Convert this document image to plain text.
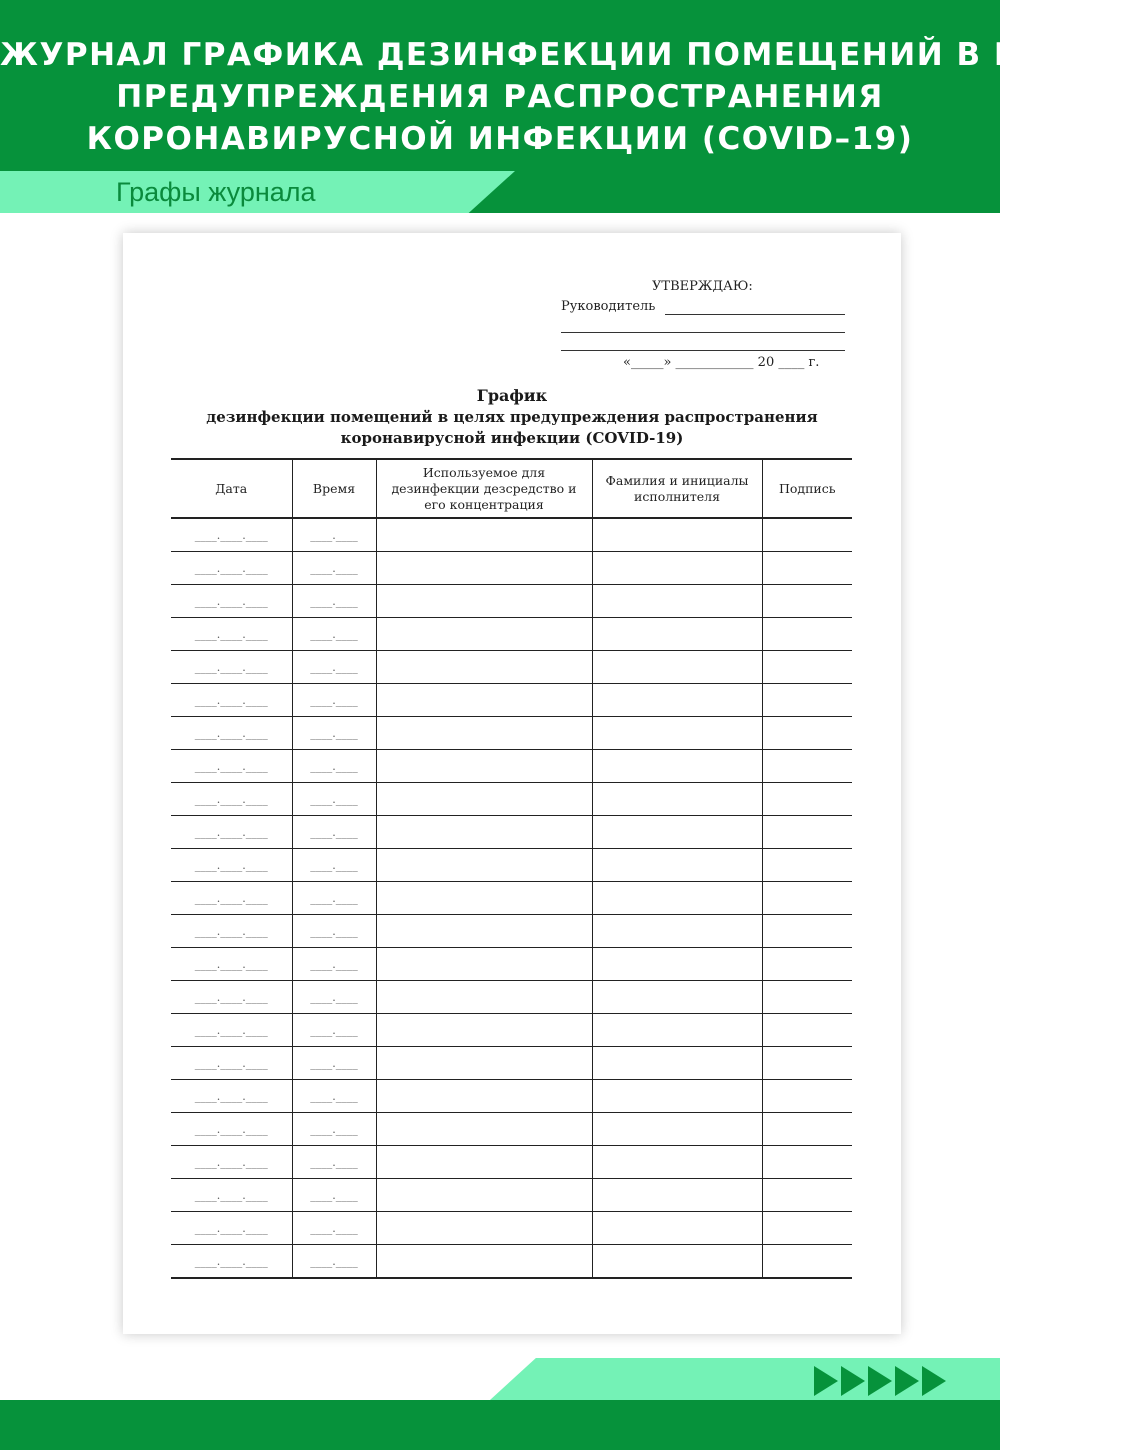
ЖУРНАЛ ГРАФИКА ДЕЗИНФЕКЦИИ ПОМЕЩЕНИЙ В ЦЕЛЯХ
ПРЕДУПРЕЖДЕНИЯ РАСПРОСТРАНЕНИЯ
КОРОНАВИРУСНОЙ ИНФЕКЦИИ (COVID–19)
Графы журнала
УТВЕРЖДАЮ:
Руководитель
«_____» ____________ 20 ____ г.
График
дезинфекции помещений в целях предупреждения распространения
коронавирусной инфекции (COVID-19)
Дата	Время	Используемое для дезинфекции дезсредство и его концентрация	Фамилия и инициалы исполнителя	Подпись
____.____.____	____.____			
____.____.____	____.____			
____.____.____	____.____			
____.____.____	____.____			
____.____.____	____.____			
____.____.____	____.____			
____.____.____	____.____			
____.____.____	____.____			
____.____.____	____.____			
____.____.____	____.____			
____.____.____	____.____			
____.____.____	____.____			
____.____.____	____.____			
____.____.____	____.____			
____.____.____	____.____			
____.____.____	____.____			
____.____.____	____.____			
____.____.____	____.____			
____.____.____	____.____			
____.____.____	____.____			
____.____.____	____.____			
____.____.____	____.____			
____.____.____	____.____			
